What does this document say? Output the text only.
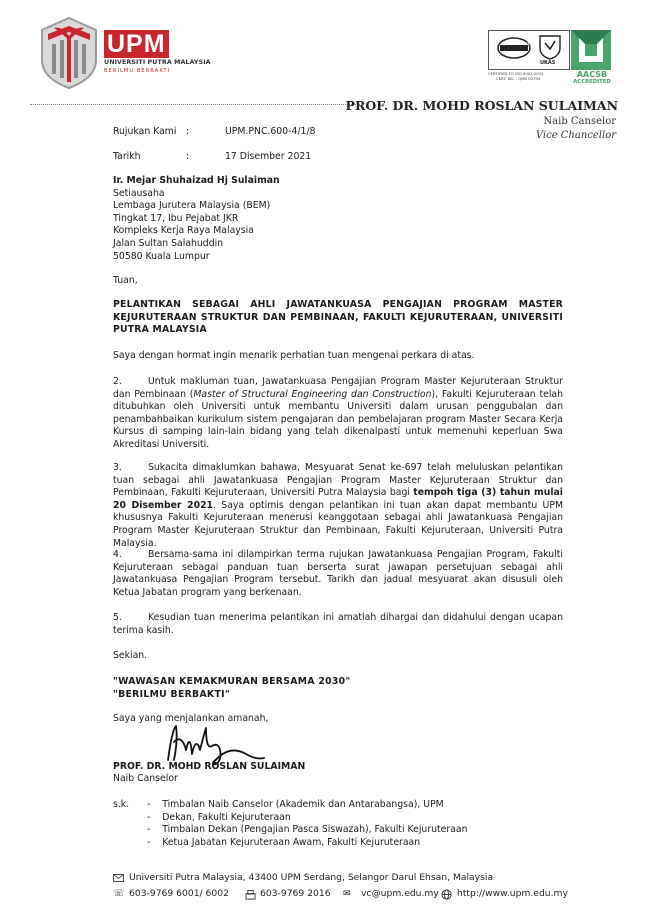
UPM
UNIVERSITI PUTRA MALAYSIA
BERILMU BERBAKTI
QUALITY SYSTEM
UKAS
CERTIFIED TO ISO 9001:2015
CERT. NO. : QMS 00794	AACSB
ACCREDITED
PROF. DR. MOHD ROSLAN SULAIMAN
Naib Canselor
Vice Chancellor
Rujukan Kami :	UPM.PNC.600-4/1/8
Tarikh	:	17 Disember 2021
Ir. Mejar Shuhaizad Hj Sulaiman
Setiausaha
Lembaga Jurutera Malaysia (BEM)
Tingkat 17, Ibu Pejabat JKR
Kompleks Kerja Raya Malaysia
Jalan Sultan Salahuddin
50580 Kuala Lumpur
Tuan,
PELANTIKAN SEBAGAI AHLI JAWATANKUASA PENGAJIAN PROGRAM MASTER KEJURUTERAAN STRUKTUR DAN PEMBINAAN, FAKULTI KEJURUTERAAN, UNIVERSITI PUTRA MALAYSIA
Saya dengan hormat ingin menarik perhatian tuan mengenai perkara di atas.
2.	Untuk makluman tuan, Jawatankuasa Pengajian Program Master Kejuruteraan Struktur dan Pembinaan (Master of Structural Engineering dan Construction), Fakulti Kejuruteraan telah ditubuhkan oleh Universiti untuk membantu Universiti dalam urusan penggubalan dan penambahbaikan kurikulum sistem pengajaran dan pembelajaran program Master Secara Kerja Kursus di samping lain-lain bidang yang telah dikenalpasti untuk memenuhi keperluan Swa Akreditasi Universiti.
3.	Sukacita dimaklumkan bahawa, Mesyuarat Senat ke-697 telah meluluskan pelantikan tuan sebagai ahli Jawatankuasa Pengajian Program Master Kejuruteraan Struktur dan Pembinaan, Fakulti Kejuruteraan, Universiti Putra Malaysia bagi tempoh tiga (3) tahun mulai 20 Disember 2021. Saya optimis dengan pelantikan ini tuan akan dapat membantu UPM khususnya Fakulti Kejuruteraan menerusi keanggotaan sebagai ahli Jawatankuasa Pengajian Program Master Kejuruteraan Struktur dan Pembinaan, Fakulti Kejuruteraan, Universiti Putra Malaysia.
4.	Bersama-sama ini dilampirkan terma rujukan Jawatankuasa Pengajian Program, Fakulti Kejuruteraan sebagai panduan tuan berserta surat jawapan persetujuan sebagai ahli Jawatankuasa Pengajian Program tersebut. Tarikh dan jadual mesyuarat akan disusuli oleh Ketua Jabatan program yang berkenaan.
5.	Kesudian tuan menerima pelantikan ini amatlah dihargai dan didahului dengan ucapan terima kasih.
Sekian.
"WAWASAN KEMAKMURAN BERSAMA 2030"
"BERILMU BERBAKTI"
Saya yang menjalankan amanah,
PROF. DR. MOHD ROSLAN SULAIMAN
Naib Canselor
s.k. - Timbalan Naib Canselor (Akademik dan Antarabangsa), UPM
- Dekan, Fakulti Kejuruteraan
- Timbalan Dekan (Pengajian Pasca Siswazah), Fakulti Kejuruteraan
- Ketua Jabatan Kejuruteraan Awam, Fakulti Kejuruteraan
Universiti Putra Malaysia, 43400 UPM Serdang, Selangor Darul Ehsan, Malaysia
☏ 603-9769 6001/ 6002	603-9769 2016 ✉ vc@upm.edu.my http://www.upm.edu.my
